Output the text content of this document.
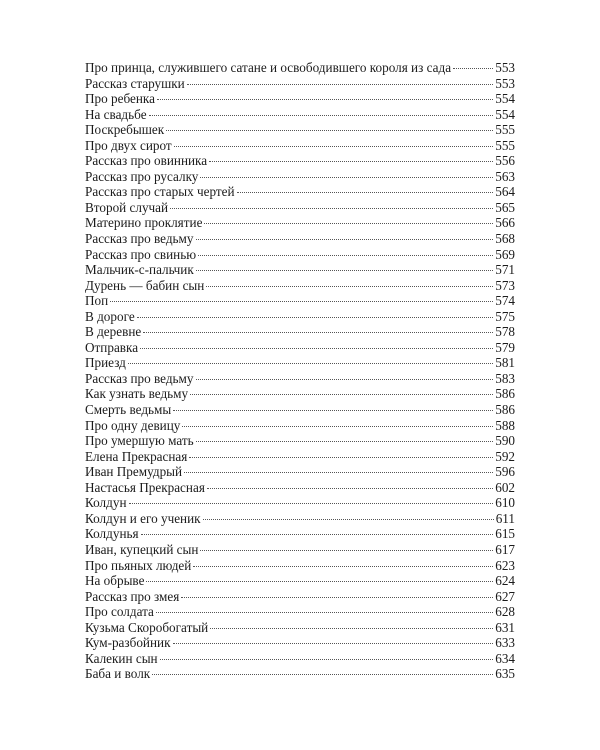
Про принца, служившего сатане и освободившего короля из сада	553
Рассказ старушки	553
Про ребенка	554
На свадьбе	554
Поскребышек	555
Про двух сирот	555
Рассказ про овинника	556
Рассказ про русалку	563
Рассказ про старых чертей	564
Второй случай	565
Материно проклятие	566
Рассказ про ведьму	568
Рассказ про свинью	569
Мальчик-с-пальчик	571
Дурень — бабин сын	573
Поп	574
В дороге	575
В деревне	578
Отправка	579
Приезд	581
Рассказ про ведьму	583
Как узнать ведьму	586
Смерть ведьмы	586
Про одну девицу	588
Про умершую мать	590
Елена Прекрасная	592
Иван Премудрый	596
Настасья Прекрасная	602
Колдун	610
Колдун и его ученик	611
Колдунья	615
Иван, купецкий сын	617
Про пьяных людей	623
На обрыве	624
Рассказ про змея	627
Про солдата	628
Кузьма Скоробогатый	631
Кум-разбойник	633
Калекин сын	634
Баба и волк	635
